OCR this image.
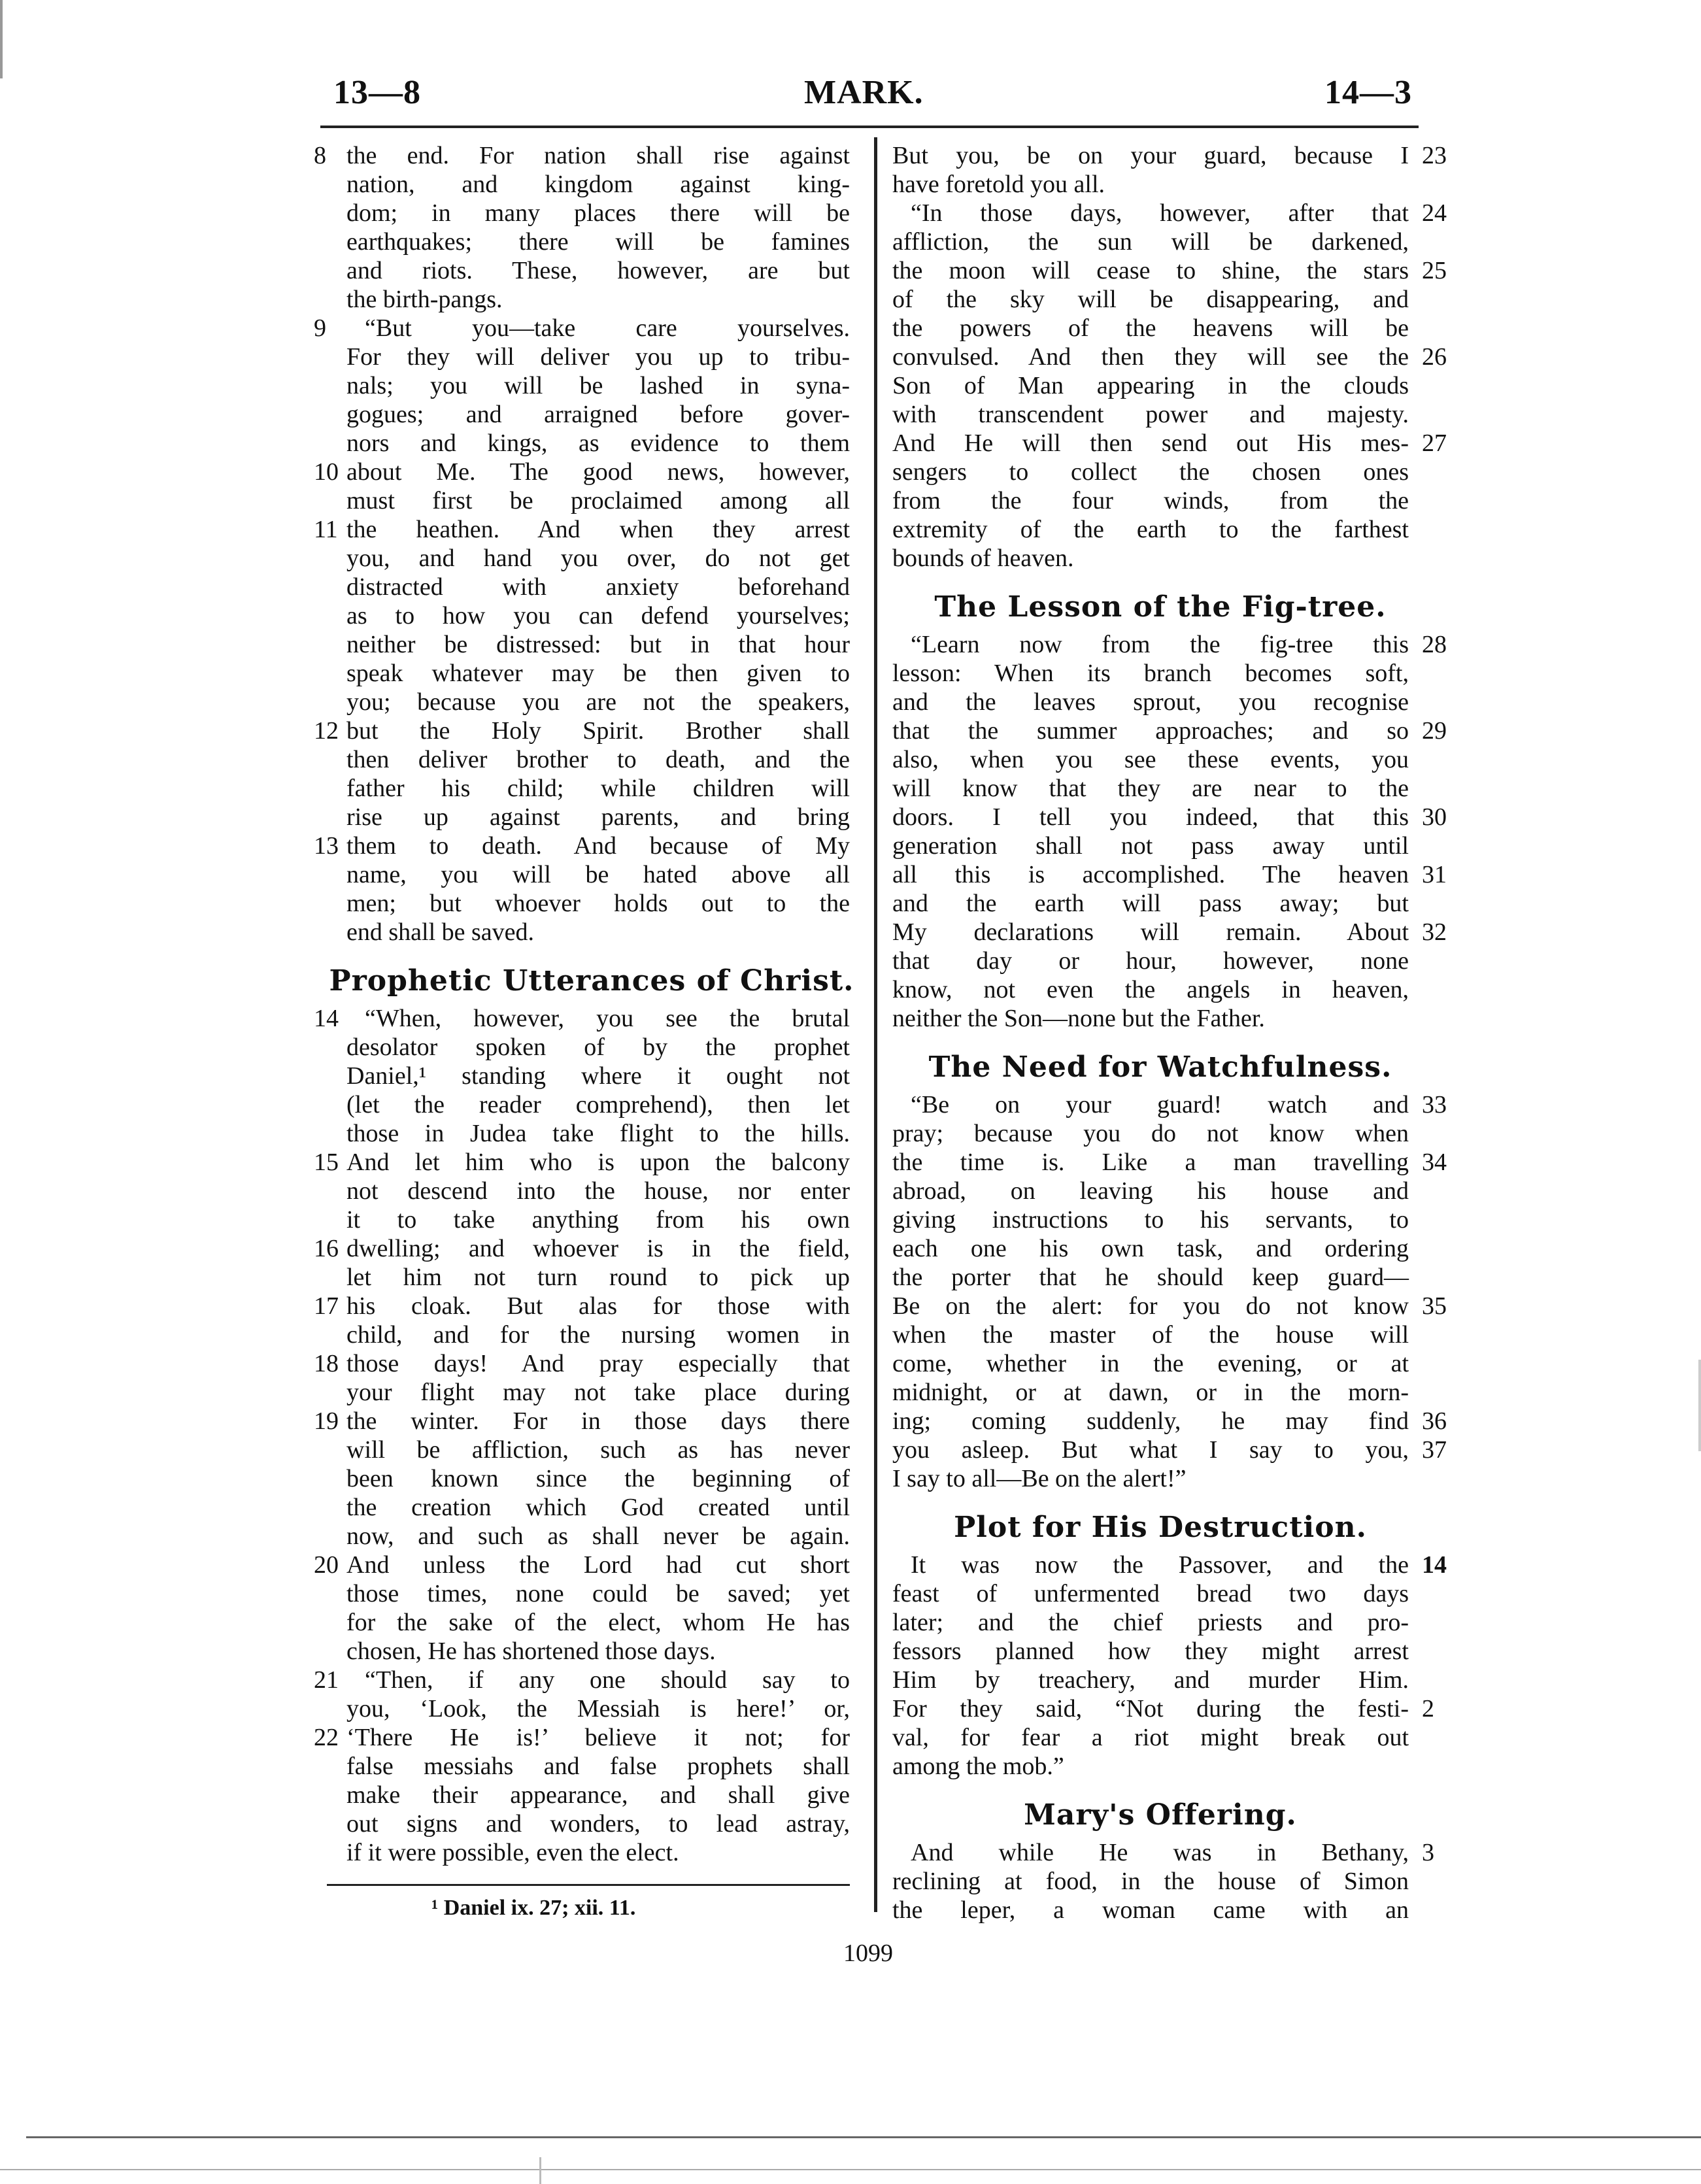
13—8	MARK.	14—3
8 the end. For nation shall rise against
nation, and kingdom against king-
dom; in many places there will be
earthquakes; there will be famines
and riots. These, however, are but
the birth-pangs.
9	“But you—take care yourselves.
For they will deliver you up to tribu-
nals; you will be lashed in syna-
gogues; and arraigned before gover-
nors and kings, as evidence to them
10 about Me. The good news, however,
must first be proclaimed among all
11 the heathen. And when they arrest
you, and hand you over, do not get
distracted with anxiety beforehand
as to how you can defend yourselves;
neither be distressed: but in that hour
speak whatever may be then given to
you; because you are not the speakers,
12 but the Holy Spirit. Brother shall
then deliver brother to death, and the
father his child; while children will
rise up against parents, and bring
13 them to death. And because of My
name, you will be hated above all
men; but whoever holds out to the
end shall be saved.
Prophetic Utterances of Christ.
14	“When, however, you see the brutal
desolator spoken of by the prophet
Daniel,¹ standing where it ought not
(let the reader comprehend), then let
those in Judea take flight to the hills.
15 And let him who is upon the balcony
not descend into the house, nor enter
it to take anything from his own
16 dwelling; and whoever is in the field,
let him not turn round to pick up
17 his cloak. But alas for those with
child, and for the nursing women in
18 those days! And pray especially that
your flight may not take place during
19 the winter. For in those days there
will be affliction, such as has never
been known since the beginning of
the creation which God created until
now, and such as shall never be again.
20 And unless the Lord had cut short
those times, none could be saved; yet
for the sake of the elect, whom He has
chosen, He has shortened those days.
21	“Then, if any one should say to
you, ‘Look, the Messiah is here!’ or,
22 ‘There He is!’ believe it not; for
false messiahs and false prophets shall
make their appearance, and shall give
out signs and wonders, to lead astray,
if it were possible, even the elect.
23
But you, be on your guard, because I
have foretold you all.
24
“In those days, however, after that
affliction, the sun will be darkened,
25
the moon will cease to shine, the stars
of the sky will be disappearing, and
the powers of the heavens will be
26
convulsed. And then they will see the
Son of Man appearing in the clouds
with transcendent power and majesty.
27
And He will then send out His mes-
sengers to collect the chosen ones
from the four winds, from the
extremity of the earth to the farthest
bounds of heaven.
The Lesson of the Fig-tree.
28
“Learn now from the fig-tree this
lesson: When its branch becomes soft,
and the leaves sprout, you recognise
29
that the summer approaches; and so
also, when you see these events, you
will know that they are near to the
30
doors. I tell you indeed, that this
generation shall not pass away until
31
all this is accomplished. The heaven
and the earth will pass away; but
32
My declarations will remain. About
that day or hour, however, none
know, not even the angels in heaven,
neither the Son—none but the Father.
The Need for Watchfulness.
33
“Be on your guard! watch and
pray; because you do not know when
34
the time is. Like a man travelling
abroad, on leaving his house and
giving instructions to his servants, to
each one his own task, and ordering
the porter that he should keep guard—
35
Be on the alert: for you do not know
when the master of the house will
come, whether in the evening, or at
midnight, or at dawn, or in the morn-
36
ing; coming suddenly, he may find
37
you asleep. But what I say to you,
I say to all—Be on the alert!”
Plot for His Destruction.
14
It was now the Passover, and the
feast of unfermented bread two days
later; and the chief priests and pro-
fessors planned how they might arrest
Him by treachery, and murder Him.
2
For they said, “Not during the festi-
val, for fear a riot might break out
among the mob.”
Mary's Offering.
3
And while He was in Bethany,
reclining at food, in the house of Simon
the leper, a woman came with an
¹ Daniel ix. 27; xii. 11.
1099
